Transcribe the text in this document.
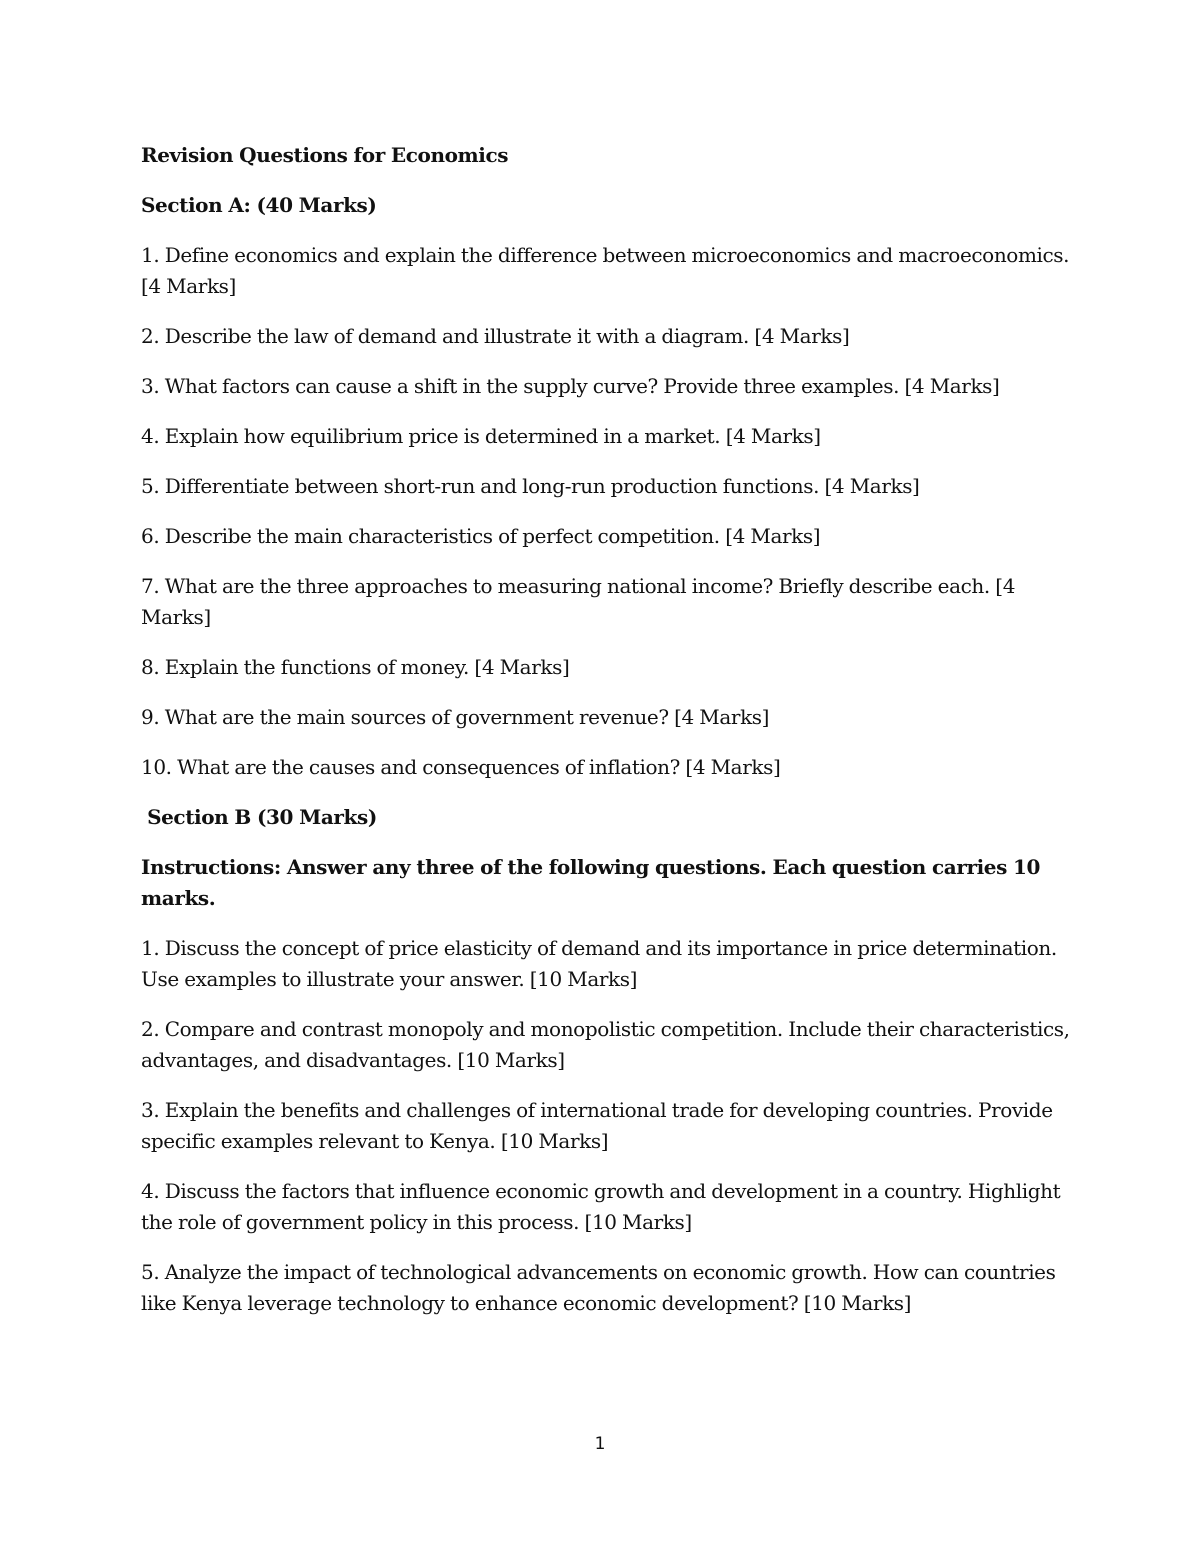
Revision Questions for Economics

Section A: (40 Marks)

1. Define economics and explain the difference between microeconomics and macroeconomics. [4 Marks]

2. Describe the law of demand and illustrate it with a diagram. [4 Marks]

3. What factors can cause a shift in the supply curve? Provide three examples. [4 Marks]

4. Explain how equilibrium price is determined in a market. [4 Marks]

5. Differentiate between short-run and long-run production functions. [4 Marks]

6. Describe the main characteristics of perfect competition. [4 Marks]

7. What are the three approaches to measuring national income? Briefly describe each. [4 Marks]

8. Explain the functions of money. [4 Marks]

9. What are the main sources of government revenue? [4 Marks]

10. What are the causes and consequences of inflation? [4 Marks]

Section B (30 Marks)

Instructions: Answer any three of the following questions. Each question carries 10 marks.

1. Discuss the concept of price elasticity of demand and its importance in price determination. Use examples to illustrate your answer. [10 Marks]

2. Compare and contrast monopoly and monopolistic competition. Include their characteristics, advantages, and disadvantages. [10 Marks]

3. Explain the benefits and challenges of international trade for developing countries. Provide specific examples relevant to Kenya. [10 Marks]

4. Discuss the factors that influence economic growth and development in a country. Highlight the role of government policy in this process. [10 Marks]

5. Analyze the impact of technological advancements on economic growth. How can countries like Kenya leverage technology to enhance economic development? [10 Marks]

1
